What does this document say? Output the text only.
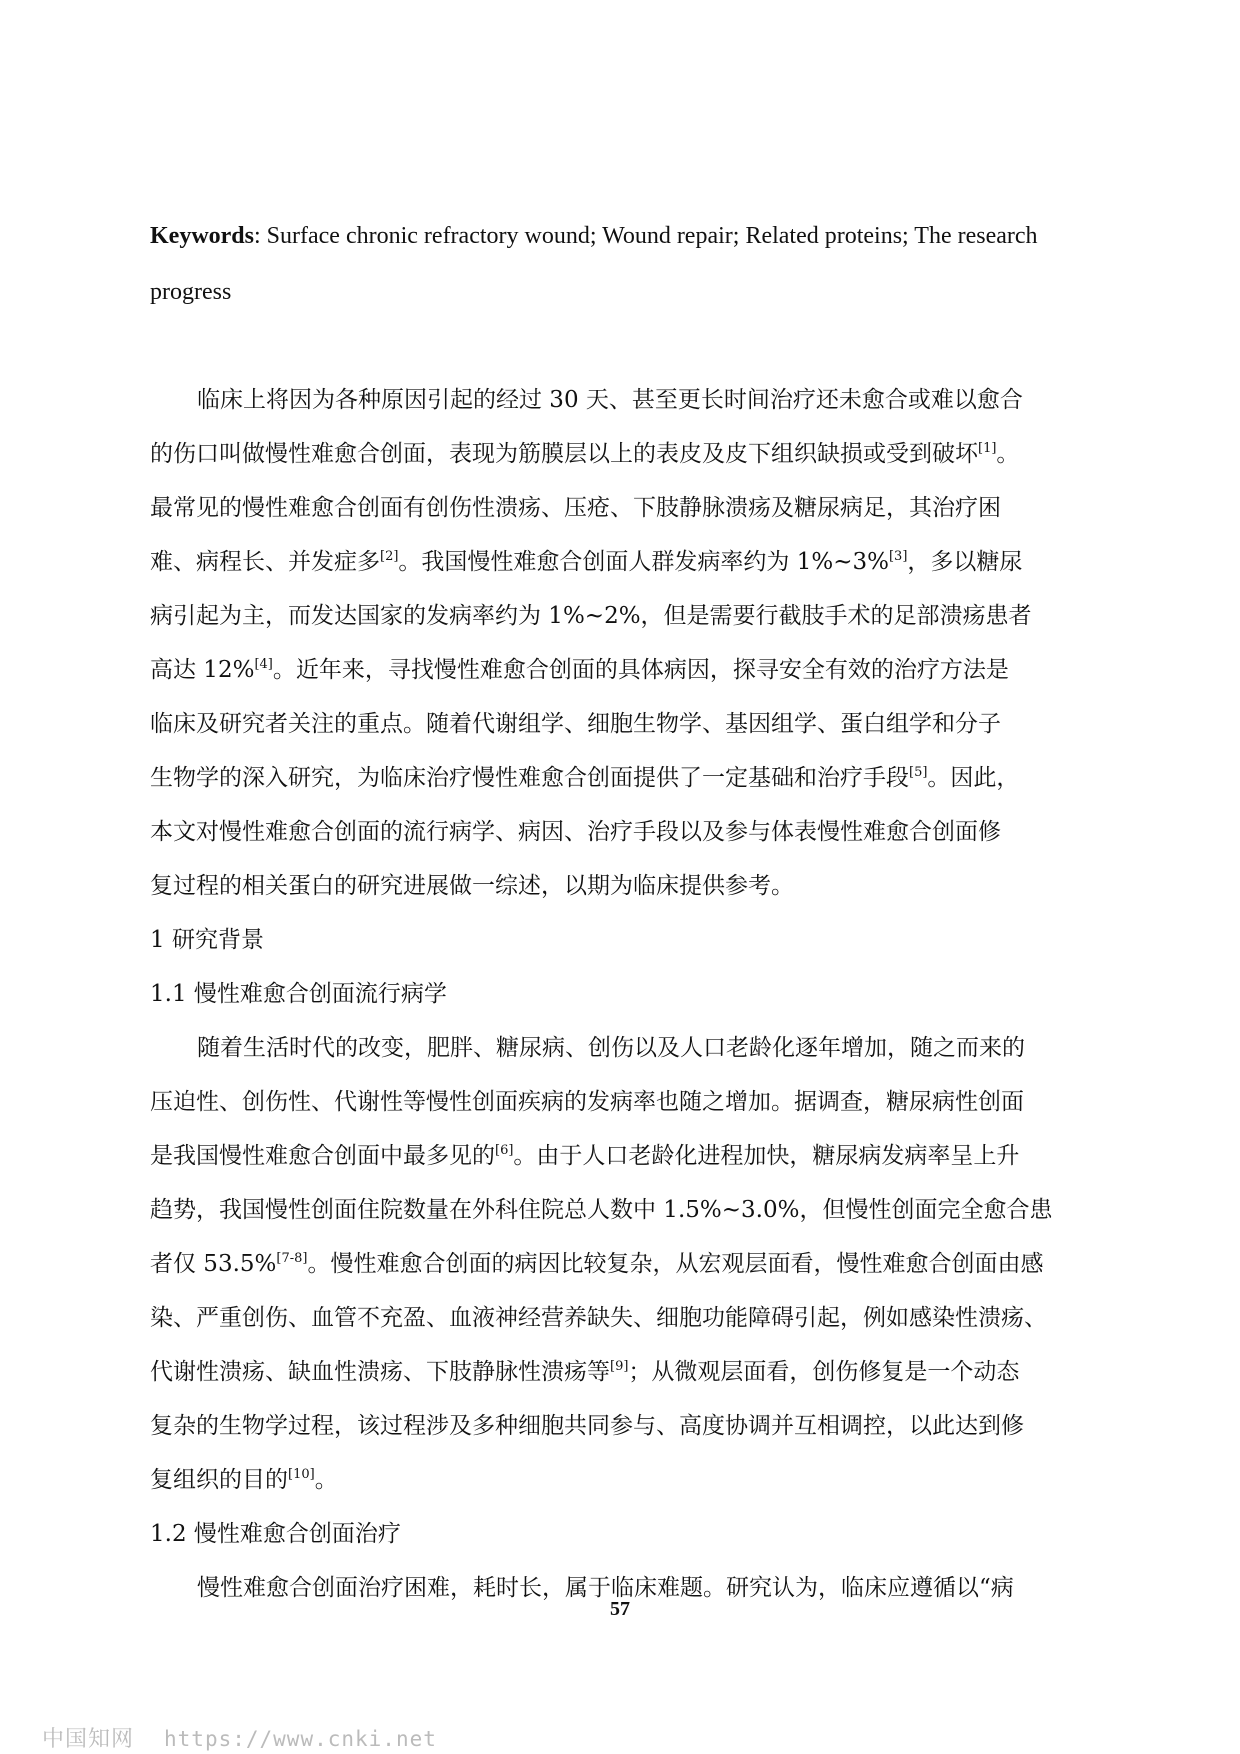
Keywords: Surface chronic refractory wound; Wound repair; Related proteins; The research
progress
临床上将因为各种原因引起的经过 30 天、甚至更长时间治疗还未愈合或难以愈合
的伤口叫做慢性难愈合创面，表现为筋膜层以上的表皮及皮下组织缺损或受到破坏[1]。
最常见的慢性难愈合创面有创伤性溃疡、压疮、下肢静脉溃疡及糖尿病足，其治疗困
难、病程长、并发症多[2]。我国慢性难愈合创面人群发病率约为 1%~3%[3]，多以糖尿
病引起为主，而发达国家的发病率约为 1%~2%，但是需要行截肢手术的足部溃疡患者
高达 12%[4]。近年来，寻找慢性难愈合创面的具体病因，探寻安全有效的治疗方法是
临床及研究者关注的重点。随着代谢组学、细胞生物学、基因组学、蛋白组学和分子
生物学的深入研究，为临床治疗慢性难愈合创面提供了一定基础和治疗手段[5]。因此，
本文对慢性难愈合创面的流行病学、病因、治疗手段以及参与体表慢性难愈合创面修
复过程的相关蛋白的研究进展做一综述，以期为临床提供参考。
1 研究背景
1.1 慢性难愈合创面流行病学
随着生活时代的改变，肥胖、糖尿病、创伤以及人口老龄化逐年增加，随之而来的
压迫性、创伤性、代谢性等慢性创面疾病的发病率也随之增加。据调查，糖尿病性创面
是我国慢性难愈合创面中最多见的[6]。由于人口老龄化进程加快，糖尿病发病率呈上升
趋势，我国慢性创面住院数量在外科住院总人数中 1.5%~3.0%，但慢性创面完全愈合患
者仅 53.5%[7-8]。慢性难愈合创面的病因比较复杂，从宏观层面看，慢性难愈合创面由感
染、严重创伤、血管不充盈、血液神经营养缺失、细胞功能障碍引起，例如感染性溃疡、
代谢性溃疡、缺血性溃疡、下肢静脉性溃疡等[9]；从微观层面看，创伤修复是一个动态
复杂的生物学过程，该过程涉及多种细胞共同参与、高度协调并互相调控，以此达到修
复组织的目的[10]。
1.2 慢性难愈合创面治疗
慢性难愈合创面治疗困难，耗时长，属于临床难题。研究认为，临床应遵循以“病
57
中国知网 https://www.cnki.net
